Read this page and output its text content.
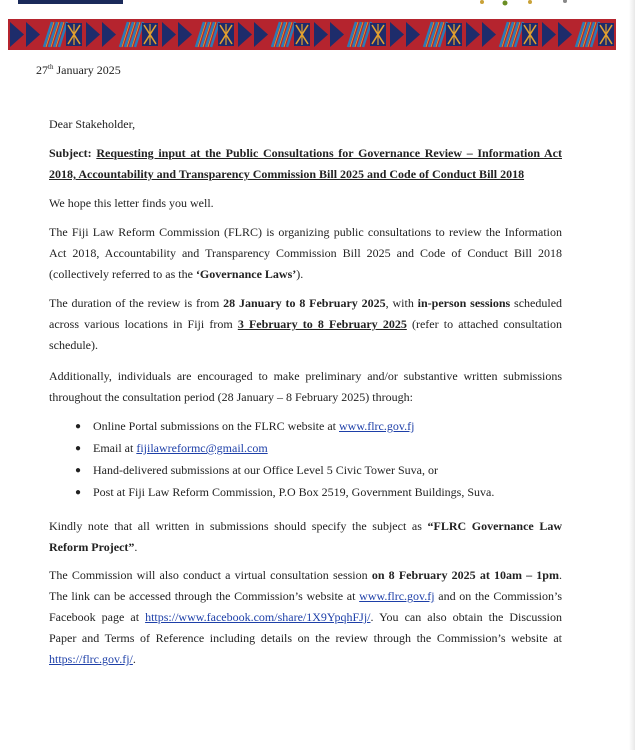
27th January 2025
Dear Stakeholder,
Subject: Requesting input at the Public Consultations for Governance Review – Information Act 2018, Accountability and Transparency Commission Bill 2025 and Code of Conduct Bill 2018
We hope this letter finds you well.
The Fiji Law Reform Commission (FLRC) is organizing public consultations to review the Information Act 2018, Accountability and Transparency Commission Bill 2025 and Code of Conduct Bill 2018 (collectively referred to as the ‘Governance Laws’).
The duration of the review is from 28 January to 8 February 2025, with in-person sessions scheduled across various locations in Fiji from 3 February to 8 February 2025 (refer to attached consultation schedule).
Additionally, individuals are encouraged to make preliminary and/or substantive written submissions throughout the consultation period (28 January – 8 February 2025) through:
● Online Portal submissions on the FLRC website at www.flrc.gov.fj
● Email at fijilawreformc@gmail.com
● Hand-delivered submissions at our Office Level 5 Civic Tower Suva, or
● Post at Fiji Law Reform Commission, P.O Box 2519, Government Buildings, Suva.
Kindly note that all written in submissions should specify the subject as “FLRC Governance Law Reform Project”.
The Commission will also conduct a virtual consultation session on 8 February 2025 at 10am – 1pm. The link can be accessed through the Commission’s website at www.flrc.gov.fj and on the Commission’s Facebook page at https://www.facebook.com/share/1X9YpqhFJj/. You can also obtain the Discussion Paper and Terms of Reference including details on the review through the Commission’s website at https://flrc.gov.fj/.
